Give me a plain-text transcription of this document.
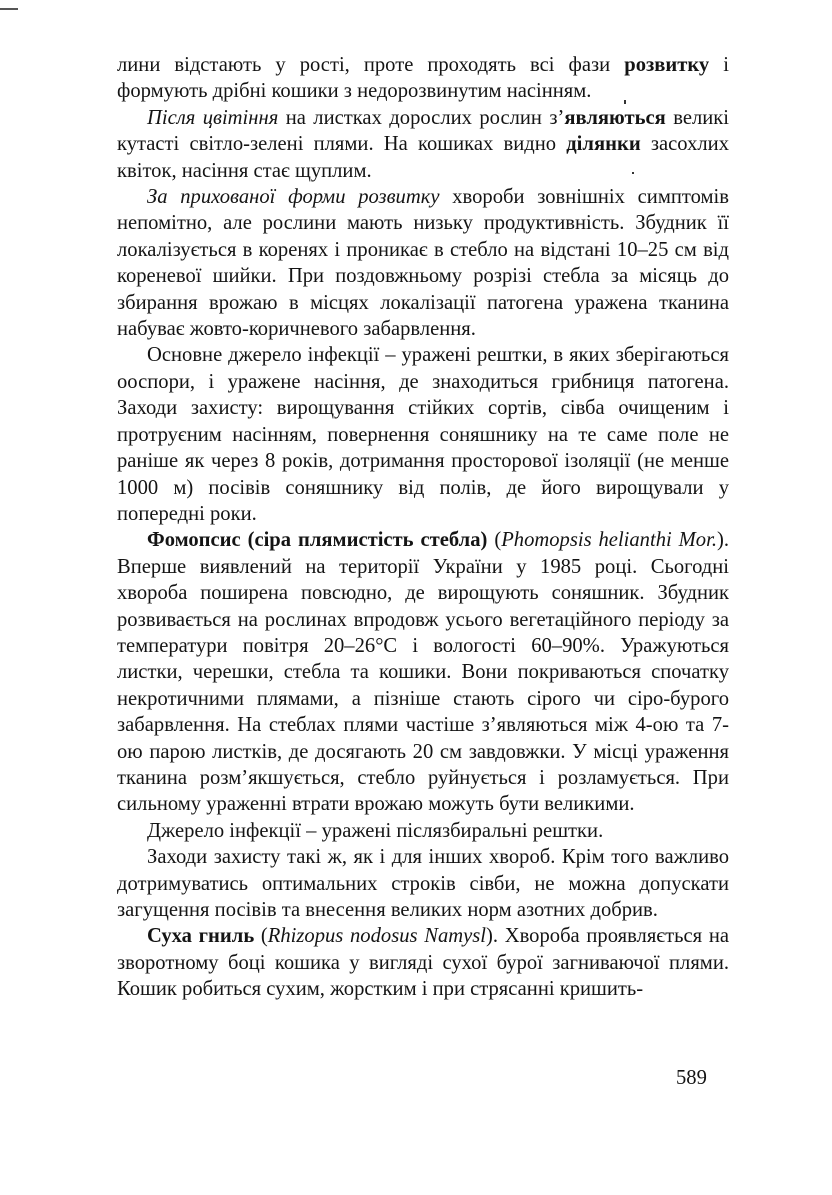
лини відстають у рості, проте проходять всі фази розвитку і формують дрібні кошики з недорозвинутим насінням.

Після цвітіння на листках дорослих рослин з’являються великі кутасті світло-зелені плями. На кошиках видно ділянки засохлих квіток, насіння стає щуплим.

За прихованої форми розвитку хвороби зовнішніх симптомів непомітно, але рослини мають низьку продуктивність. Збудник її локалізується в коренях і проникає в стебло на відстані 10–25 см від кореневої шийки. При поздовжньому розрізі стебла за місяць до збирання врожаю в місцях локалізації патогена уражена тканина набуває жовто-коричневого забарвлення.

Основне джерело інфекції – уражені рештки, в яких зберігаються ооспори, і уражене насіння, де знаходиться грибниця патогена. Заходи захисту: вирощування стійких сортів, сівба очищеним і протруєним насінням, повернення соняшнику на те саме поле не раніше як через 8 років, дотримання просторової ізоляції (не менше 1000 м) посівів соняшнику від полів, де його вирощували у попередні роки.

Фомопсис (сіра плямистість стебла) (Phomopsis helianthi Mor.). Вперше виявлений на території України у 1985 році. Сьогодні хвороба поширена повсюдно, де вирощують соняшник. Збудник розвивається на рослинах впродовж усього вегетаційного періоду за температури повітря 20–26°С і вологості 60–90%. Уражуються листки, черешки, стебла та кошики. Вони покриваються спочатку некротичними плямами, а пізніше стають сірого чи сіро-бурого забарвлення. На стеблах плями частіше з’являються між 4-ою та 7-ою парою листків, де досягають 20 см завдовжки. У місці ураження тканина розм’якшується, стебло руйнується і розламується. При сильному ураженні втрати врожаю можуть бути великими.

Джерело інфекції – уражені післязбиральні рештки.

Заходи захисту такі ж, як і для інших хвороб. Крім того важливо дотримуватись оптимальних строків сівби, не можна допускати загущення посівів та внесення великих норм азотних добрив.

Суха гниль (Rhizopus nodosus Namysl). Хвороба проявляється на зворотному боці кошика у вигляді сухої бурої загниваючої плями. Кошик робиться сухим, жорстким і при стрясанні кришить-

589
